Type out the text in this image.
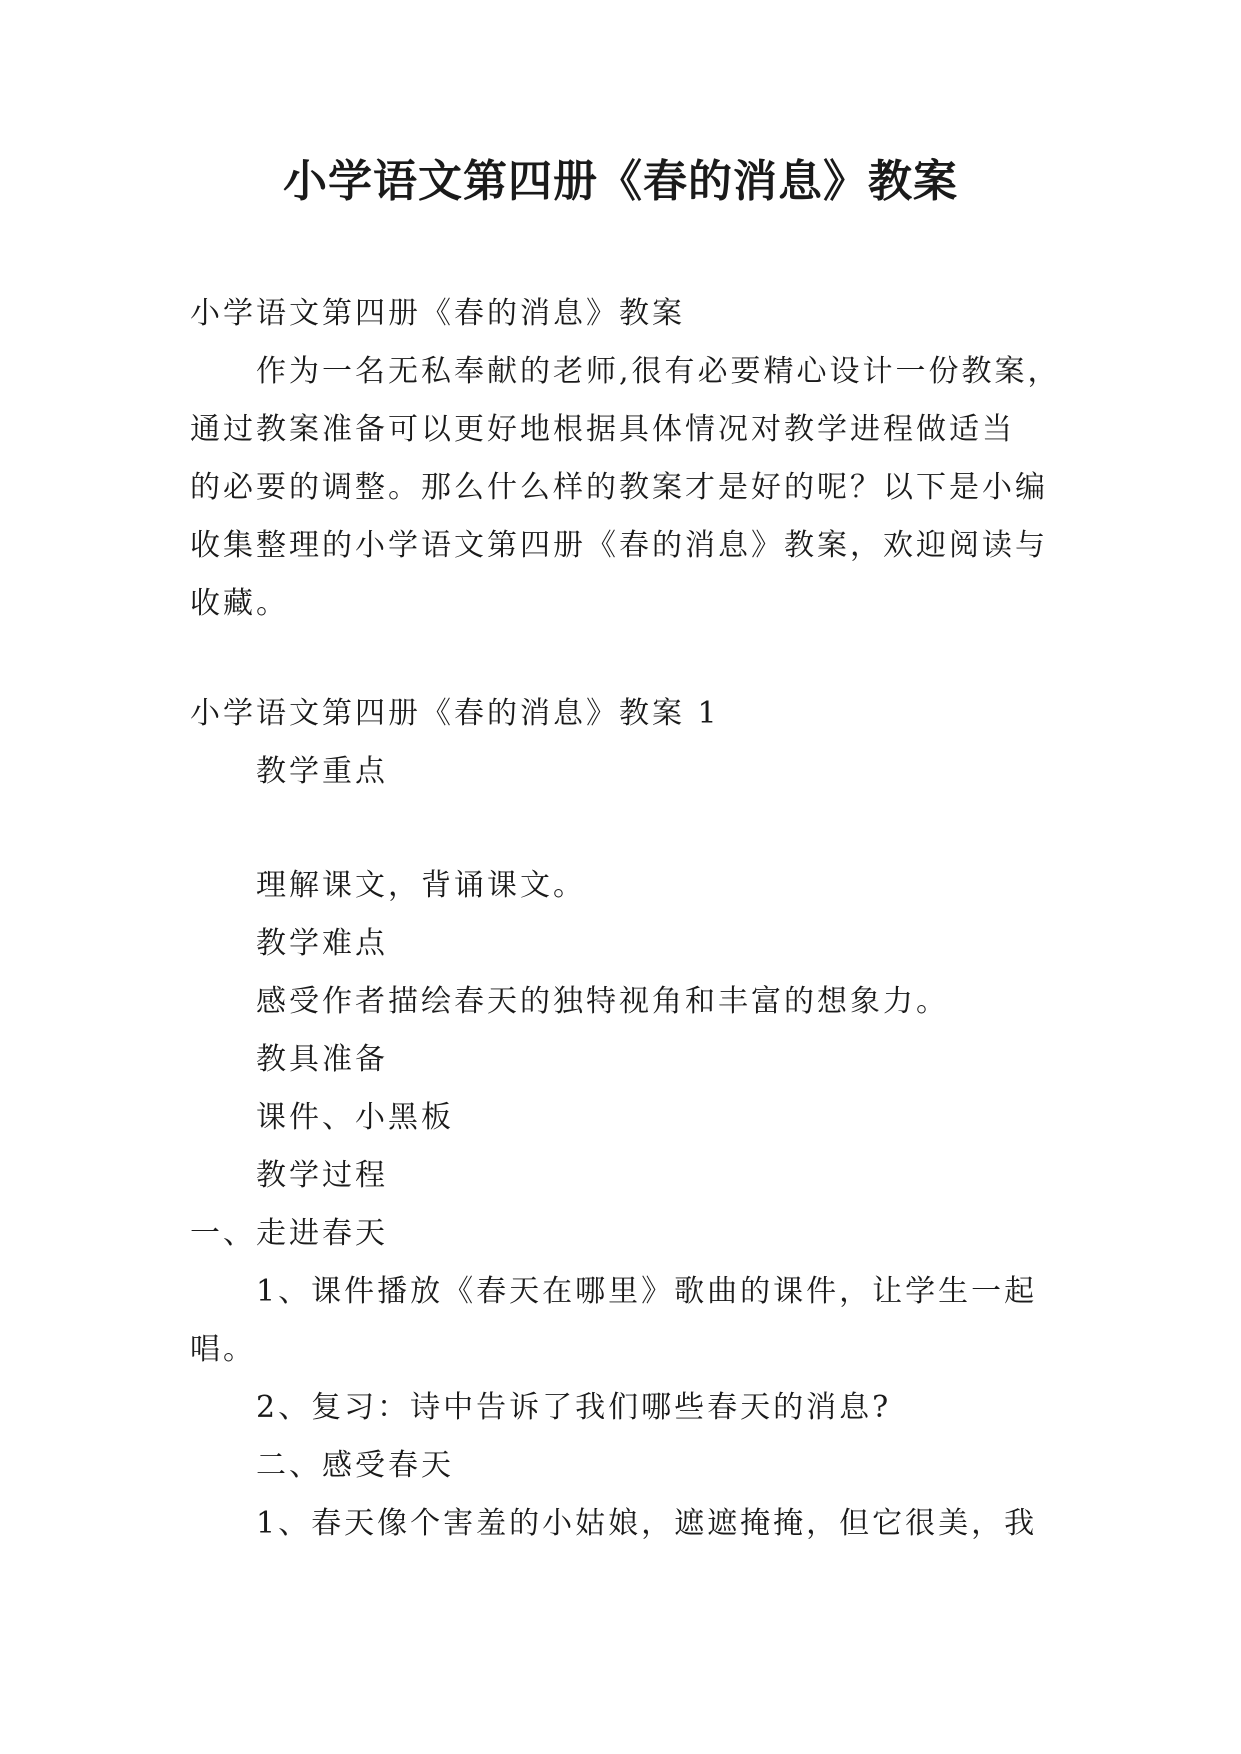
小学语文第四册《春的消息》教案

小学语文第四册《春的消息》教案

作为一名无私奉献的老师,很有必要精心设计一份教案，

通过教案准备可以更好地根据具体情况对教学进程做适当

的必要的调整。那么什么样的教案才是好的呢？以下是小编

收集整理的小学语文第四册《春的消息》教案，欢迎阅读与

收藏。

小学语文第四册《春的消息》教案 1

教学重点

理解课文，背诵课文。

教学难点

感受作者描绘春天的独特视角和丰富的想象力。

教具准备

课件、小黑板

教学过程

一、走进春天

1、课件播放《春天在哪里》歌曲的课件，让学生一起

唱。

2、复习：诗中告诉了我们哪些春天的消息?

二、感受春天

1、春天像个害羞的小姑娘，遮遮掩掩，但它很美，我
